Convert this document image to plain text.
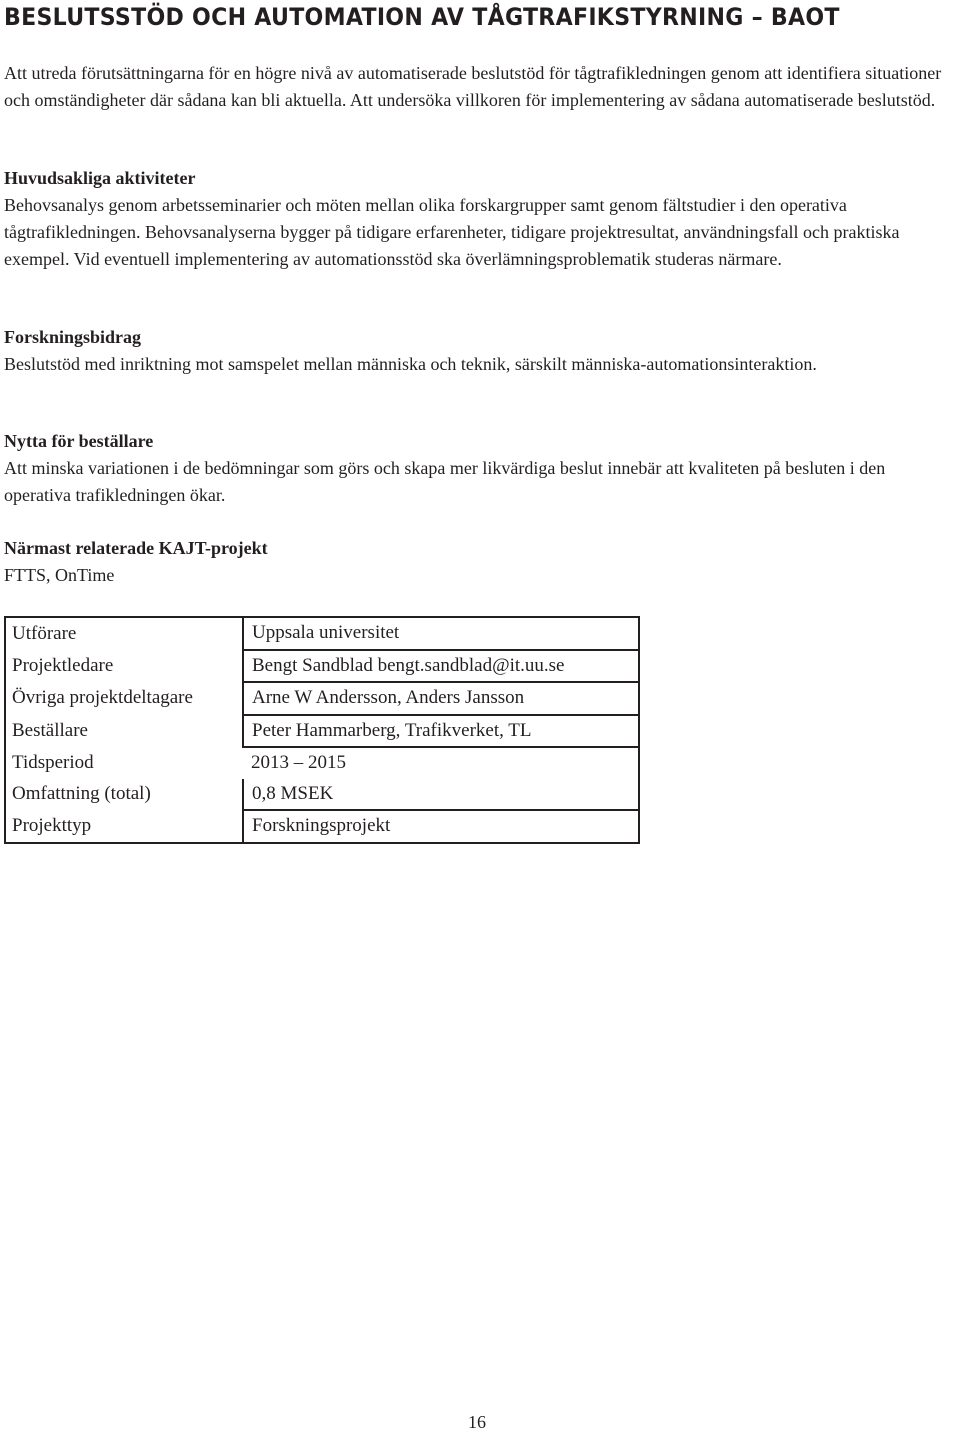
BESLUTSSTÖD OCH AUTOMATION AV TÅGTRAFIKSTYRNING – BAOT

Att utreda förutsättningarna för en högre nivå av automatiserade beslutstöd för tågtrafikledningen genom att identifiera situationer och omständigheter där sådana kan bli aktuella. Att undersöka villkoren för implementering av sådana automatiserade beslutstöd.

Huvudsakliga aktiviteter

Behovsanalys genom arbetsseminarier och möten mellan olika forskargrupper samt genom fältstudier i den operativa tågtrafikledningen. Behovsanalyserna bygger på tidigare erfarenheter, tidigare projektresultat, användningsfall och praktiska exempel. Vid eventuell implementering av automationsstöd ska överlämningsproblematik studeras närmare.

Forskningsbidrag

Beslutstöd med inriktning mot samspelet mellan människa och teknik, särskilt människa-automationsinteraktion.

Nytta för beställare

Att minska variationen i de bedömningar som görs och skapa mer likvärdiga beslut innebär att kvaliteten på besluten i den operativa trafikledningen ökar.

Närmast relaterade KAJT-projekt

FTTS, OnTime

Utförare	Uppsala universitet
Projektledare	Bengt Sandblad bengt.sandblad@it.uu.se
Övriga projektdeltagare	Arne W Andersson, Anders Jansson
Beställare	Peter Hammarberg, Trafikverket, TL
Tidsperiod	2013 – 2015
Omfattning (total)	0,8 MSEK
Projekttyp	Forskningsprojekt
16
